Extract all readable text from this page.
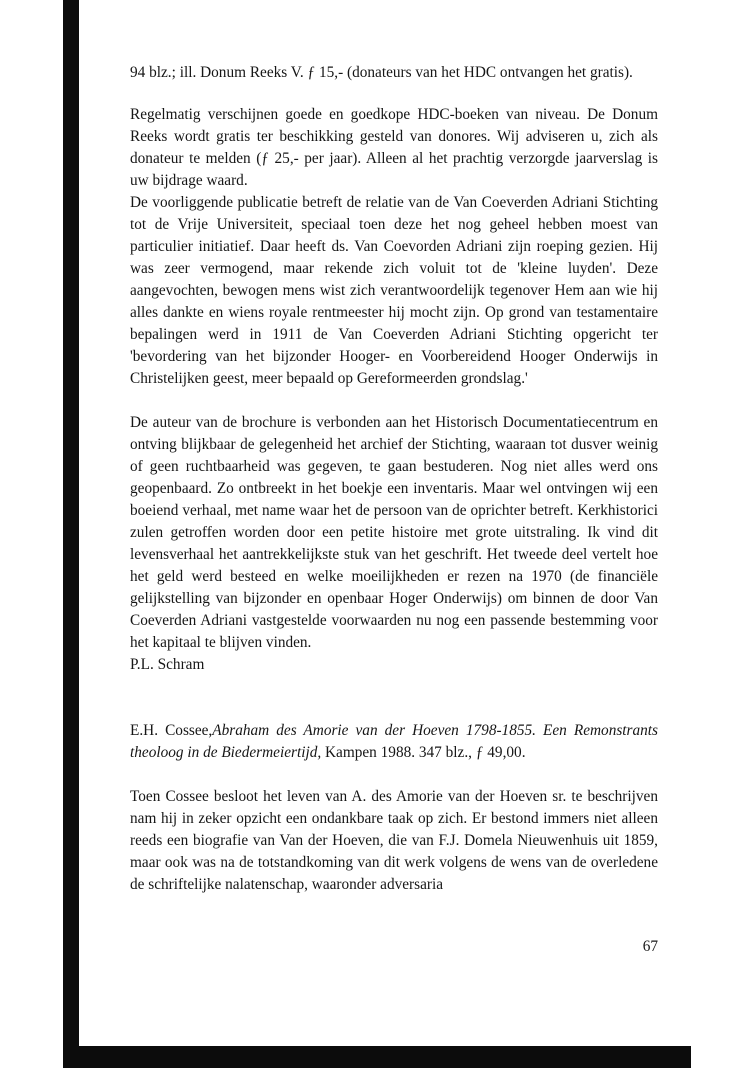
94 blz.; ill. Donum Reeks V. ƒ 15,- (donateurs van het HDC ontvangen het gratis).

Regelmatig verschijnen goede en goedkope HDC-boeken van niveau. De Donum Reeks wordt gratis ter beschikking gesteld van donores. Wij adviseren u, zich als donateur te melden (ƒ 25,- per jaar). Alleen al het prachtig verzorgde jaarverslag is uw bijdrage waard.

De voorliggende publicatie betreft de relatie van de Van Coeverden Adriani Stichting tot de Vrije Universiteit, speciaal toen deze het nog geheel hebben moest van particulier initiatief. Daar heeft ds. Van Coevorden Adriani zijn roeping gezien. Hij was zeer vermogend, maar rekende zich voluit tot de 'kleine luyden'. Deze aangevochten, bewogen mens wist zich verantwoordelijk tegenover Hem aan wie hij alles dankte en wiens royale rentmeester hij mocht zijn. Op grond van testamentaire bepalingen werd in 1911 de Van Coeverden Adriani Stichting opgericht ter 'bevordering van het bijzonder Hooger- en Voorbereidend Hooger Onderwijs in Christelijken geest, meer bepaald op Gereformeerden grondslag.'

De auteur van de brochure is verbonden aan het Historisch Documentatiecentrum en ontving blijkbaar de gelegenheid het archief der Stichting, waaraan tot dusver weinig of geen ruchtbaarheid was gegeven, te gaan bestuderen. Nog niet alles werd ons geopenbaard. Zo ontbreekt in het boekje een inventaris. Maar wel ontvingen wij een boeiend verhaal, met name waar het de persoon van de oprichter betreft. Kerkhistorici zulen getroffen worden door een petite histoire met grote uitstraling. Ik vind dit levensverhaal het aantrekkelijkste stuk van het geschrift. Het tweede deel vertelt hoe het geld werd besteed en welke moeilijkheden er rezen na 1970 (de financiële gelijkstelling van bijzonder en openbaar Hoger Onderwijs) om binnen de door Van Coeverden Adriani vastgestelde voorwaarden nu nog een passende bestemming voor het kapitaal te blijven vinden.

P.L. Schram

E.H. Cossee,Abraham des Amorie van der Hoeven 1798-1855. Een Remonstrants theoloog in de Biedermeiertijd, Kampen 1988. 347 blz., ƒ 49,00.

Toen Cossee besloot het leven van A. des Amorie van der Hoeven sr. te beschrijven nam hij in zeker opzicht een ondankbare taak op zich. Er bestond immers niet alleen reeds een biografie van Van der Hoeven, die van F.J. Domela Nieuwenhuis uit 1859, maar ook was na de totstandkoming van dit werk volgens de wens van de overledene de schriftelijke nalatenschap, waaronder adversaria

67
